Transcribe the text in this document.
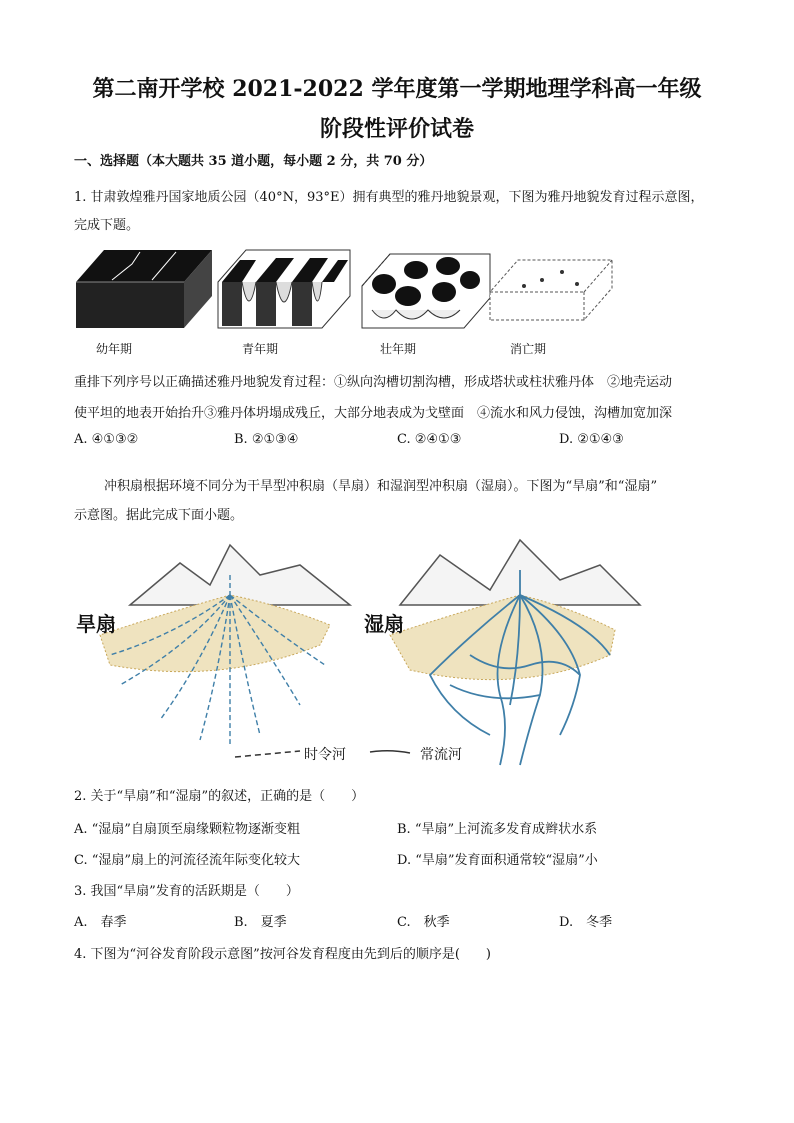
第二南开学校 2021-2022 学年度第一学期地理学科高一年级
阶段性评价试卷
一、选择题（本大题共 35 道小题，每小题 2 分，共 70 分）
1. 甘肃敦煌雅丹国家地质公园（40°N，93°E）拥有典型的雅丹地貌景观，下图为雅丹地貌发育过程示意图，
完成下题。
幼年期	青年期	壮年期	消亡期
重排下列序号以正确描述雅丹地貌发育过程：①纵向沟槽切割沟槽，形成塔状或柱状雅丹体　②地壳运动
使平坦的地表开始抬升③雅丹体坍塌成残丘，大部分地表成为戈壁面　④流水和风力侵蚀，沟槽加宽加深
A. ④①③②	B. ②①③④	C. ②④①③	D. ②①④③
冲积扇根据环境不同分为干旱型冲积扇（旱扇）和湿润型冲积扇（湿扇）。下图为“旱扇”和“湿扇”
示意图。据此完成下面小题。
旱扇	湿扇
时令河	常流河
2. 关于“旱扇”和“湿扇”的叙述，正确的是（　　）
A. “湿扇”自扇顶至扇缘颗粒物逐渐变粗	B. “旱扇”上河流多发育成辫状水系
C. “湿扇”扇上的河流径流年际变化较大	D. “旱扇”发育面积通常较“湿扇”小
3. 我国“旱扇”发育的活跃期是（　　）
A.　春季	B.　夏季	C.　秋季	D.　冬季
4. 下图为“河谷发育阶段示意图”按河谷发育程度由先到后的顺序是(　　)
